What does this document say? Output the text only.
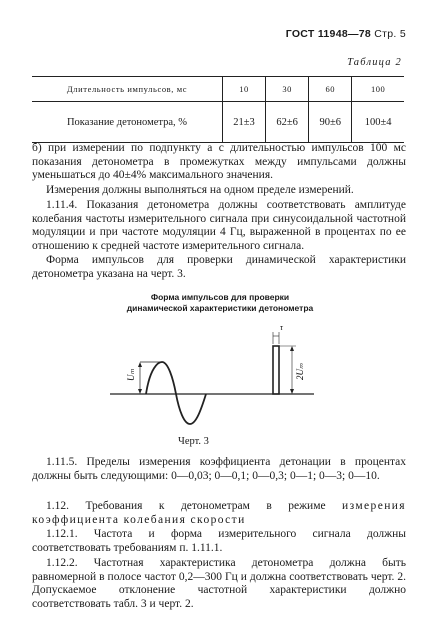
ГОСТ 11948—78 Стр. 5
Таблица 2
Длительность импульсов, мс	10	30	60	100
Показание детонометра, %	21±3	62±6	90±6	100±4

б) при измерении по подпункту а с длительностью импульсов 100 мс показания детонометра в промежутках между импульсами должны уменьшаться до 40±4% максимального значения.

Измерения должны выполняться на одном пределе измерений.

1.11.4. Показания детонометра должны соответствовать амплитуде колебания частоты измерительного сигнала при синусоидальной частотной модуляции и при частоте модуляции 4 Гц, выраженной в процентах по ее отношению к средней частоте измерительного сигнала.

Форма импульсов для проверки динамической характеристики детонометра указана на черт. 3.

Форма импульсов для проверки
динамической характеристики детонометра
Uₘ
τ
2Uₘ
Черт. 3

1.11.5. Пределы измерения коэффициента детонации в процентах должны быть следующими: 0—0,03; 0—0,1; 0—0,3; 0—1; 0—3; 0—10.

1.12. Требования к детонометрам в режиме измерения коэффициента колебания скорости

1.12.1. Частота и форма измерительного сигнала должны соответствовать требованиям п. 1.11.1.

1.12.2. Частотная характеристика детонометра должна быть равномерной в полосе частот 0,2—300 Гц и должна соответствовать черт. 2. Допускаемое отклонение частотной характеристики должно соответствовать табл. 3 и черт. 2.
